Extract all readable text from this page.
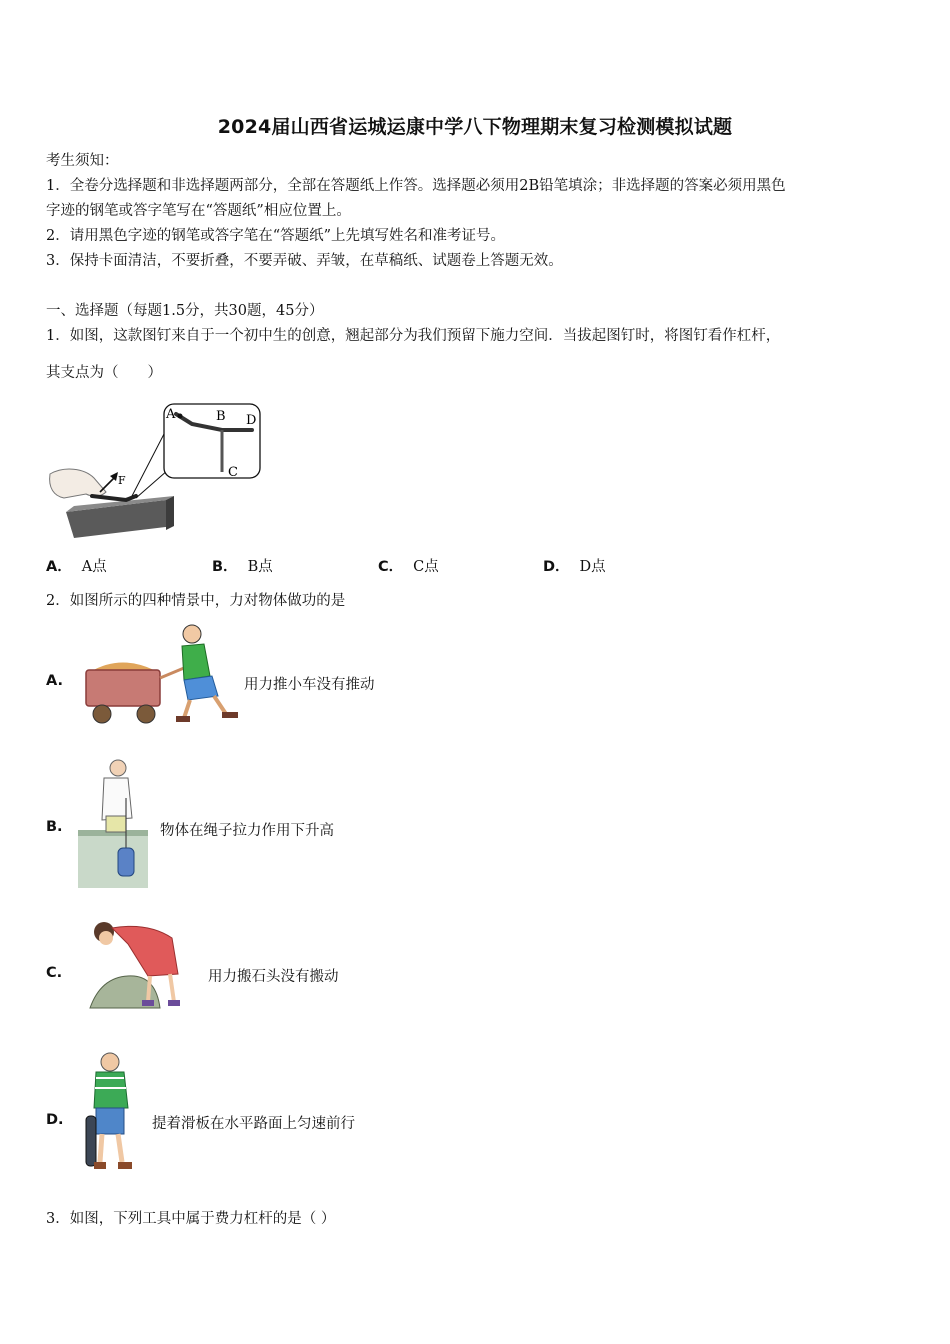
2024届山西省运城运康中学八下物理期末复习检测模拟试题
考生须知：
1．全卷分选择题和非选择题两部分，全部在答题纸上作答。选择题必须用2B铅笔填涂；非选择题的答案必须用黑色
字迹的钢笔或答字笔写在“答题纸”相应位置上。
2．请用黑色字迹的钢笔或答字笔在“答题纸”上先填写姓名和准考证号。
3．保持卡面清洁，不要折叠，不要弄破、弄皱，在草稿纸、试题卷上答题无效。
一、选择题（每题1.5分，共30题，45分）
1．如图，这款图钉来自于一个初中生的创意，翘起部分为我们预留下施力空间．当拔起图钉时，将图钉看作杠杆，
其支点为（　　）
F
A	B D
C
A． A点	B． B点	C． C点	D． D点
2．如图所示的四种情景中，力对物体做功的是
A.	用力推小车没有推动
B.	物体在绳子拉力作用下升高
C.	用力搬石头没有搬动
D.	提着滑板在水平路面上匀速前行
3．如图，下列工具中属于费力杠杆的是（ ）
